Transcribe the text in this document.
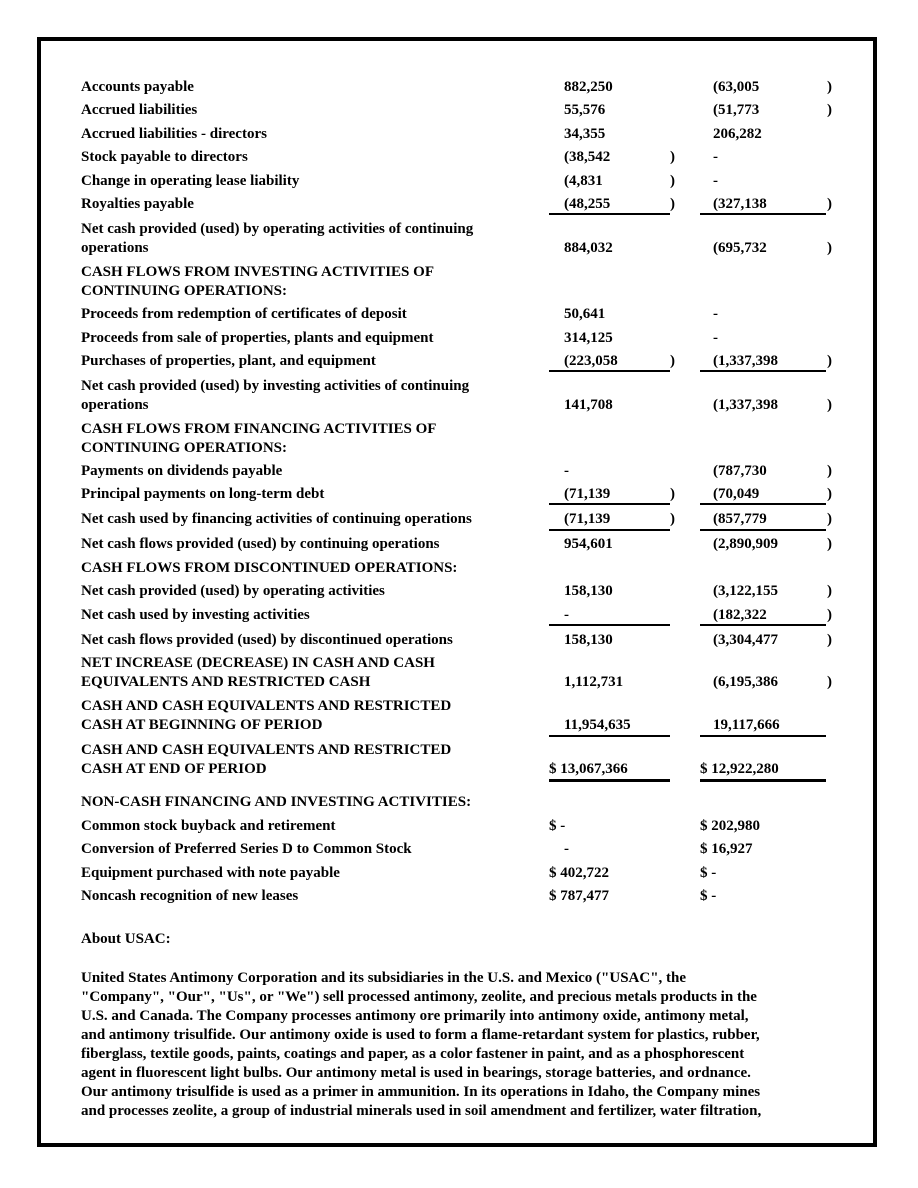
Accounts payable	882,250	(63,005	)
Accrued liabilities	55,576	(51,773	)
Accrued liabilities - directors	34,355	206,282
Stock payable to directors	(38,542	)	-
Change in operating lease liability	(4,831	)	-
Royalties payable	(48,255	)	(327,138	)
Net cash provided (used) by operating activities of continuing
operations	884,032	(695,732	)
CASH FLOWS FROM INVESTING ACTIVITIES OF
CONTINUING OPERATIONS:
Proceeds from redemption of certificates of deposit	50,641	-
Proceeds from sale of properties, plants and equipment	314,125	-
Purchases of properties, plant, and equipment	(223,058	)	(1,337,398	)
Net cash provided (used) by investing activities of continuing
operations	141,708	(1,337,398	)
CASH FLOWS FROM FINANCING ACTIVITIES OF
CONTINUING OPERATIONS:
Payments on dividends payable	-	(787,730	)
Principal payments on long-term debt	(71,139	)	(70,049	)
Net cash used by financing activities of continuing operations	(71,139	)	(857,779	)
Net cash flows provided (used) by continuing operations	954,601	(2,890,909	)
CASH FLOWS FROM DISCONTINUED OPERATIONS:
Net cash provided (used) by operating activities	158,130	(3,122,155	)
Net cash used by investing activities	-	(182,322	)
Net cash flows provided (used) by discontinued operations	158,130	(3,304,477	)
NET INCREASE (DECREASE) IN CASH AND CASH
EQUIVALENTS AND RESTRICTED CASH	1,112,731	(6,195,386	)
CASH AND CASH EQUIVALENTS AND RESTRICTED
CASH AT BEGINNING OF PERIOD	11,954,635	19,117,666
CASH AND CASH EQUIVALENTS AND RESTRICTED
CASH AT END OF PERIOD	$ 13,067,366	$ 12,922,280
NON-CASH FINANCING AND INVESTING ACTIVITIES:
Common stock buyback and retirement	$ -	$ 202,980
Conversion of Preferred Series D to Common Stock	-	$ 16,927
Equipment purchased with note payable	$ 402,722	$ -
Noncash recognition of new leases	$ 787,477	$ -
About USAC:

United States Antimony Corporation and its subsidiaries in the U.S. and Mexico ("USAC", the
"Company", "Our", "Us", or "We") sell processed antimony, zeolite, and precious metals products in the
U.S. and Canada. The Company processes antimony ore primarily into antimony oxide, antimony metal,
and antimony trisulfide. Our antimony oxide is used to form a flame-retardant system for plastics, rubber,
fiberglass, textile goods, paints, coatings and paper, as a color fastener in paint, and as a phosphorescent
agent in fluorescent light bulbs. Our antimony metal is used in bearings, storage batteries, and ordnance.
Our antimony trisulfide is used as a primer in ammunition. In its operations in Idaho, the Company mines
and processes zeolite, a group of industrial minerals used in soil amendment and fertilizer, water filtration,
